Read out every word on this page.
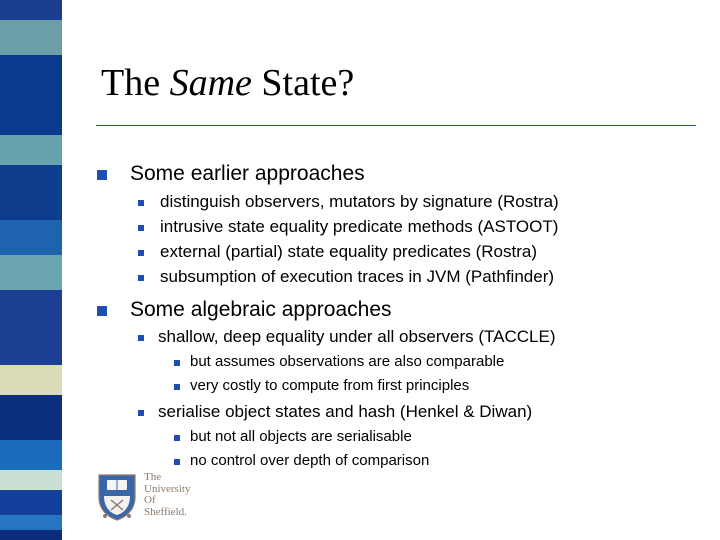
The Same State?
Some earlier approaches
distinguish observers, mutators by signature (Rostra)
intrusive state equality predicate methods (ASTOOT)
external (partial) state equality predicates (Rostra)
subsumption of execution traces in JVM (Pathfinder)
Some algebraic approaches
shallow, deep equality under all observers (TACCLE)
but assumes observations are also comparable
very costly to compute from first principles
serialise object states and hash (Henkel & Diwan)
but not all objects are serialisable
no control over depth of comparison
The
University
Of
Sheffield.
